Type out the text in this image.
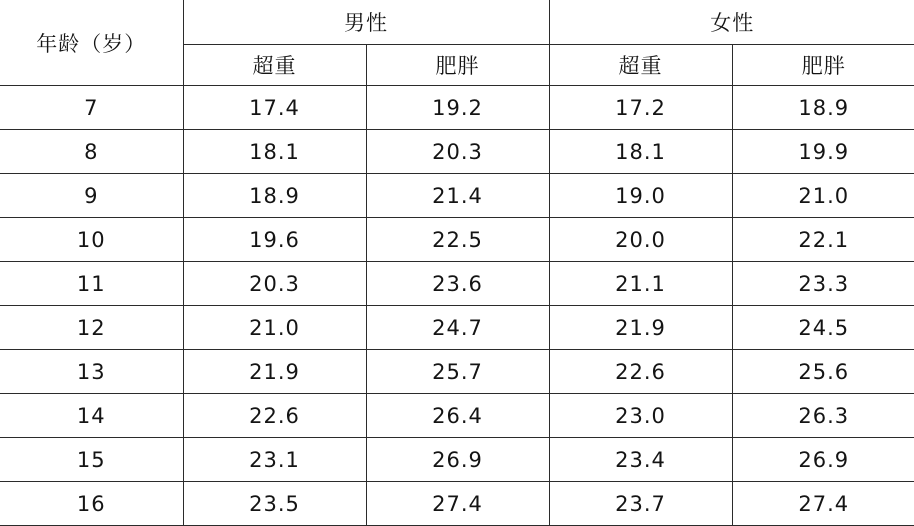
年龄（岁）	男性		女性	
	超重	肥胖	超重	肥胖
7	17.4	19.2	17.2	18.9
8	18.1	20.3	18.1	19.9
9	18.9	21.4	19.0	21.0
10	19.6	22.5	20.0	22.1
11	20.3	23.6	21.1	23.3
12	21.0	24.7	21.9	24.5
13	21.9	25.7	22.6	25.6
14	22.6	26.4	23.0	26.3
15	23.1	26.9	23.4	26.9
16	23.5	27.4	23.7	27.4
